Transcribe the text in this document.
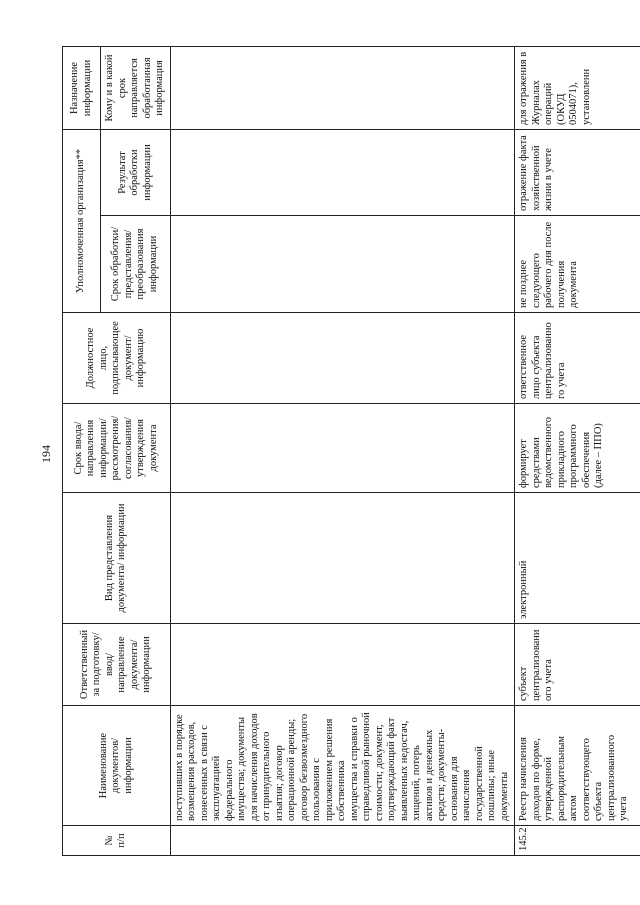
194
№ п/п	Наименование документов/информации	Ответственный за подготовку/ ввод/ направление документа/ информации	Вид представления документа/ информации	Срок ввода/ направления информации/ рассмотрения/ согласования/ утверждения документа	Должностное лицо, подписывающее документ/ информацию	Уполномоченная организация**		Назначение информации
						Срок обработки/ представления/ преобразования информации	Результат обработки информации	Кому и в какой срок направляется обработанная информация
	поступивших в порядке возмещения расходов, понесенных в связи с эксплуатацией федерального имущества; документы для начисления доходов от принудительного изъятия; договор операционной аренды; договор безвозмездного пользования с приложением решения собственника имущества и справки о справедливой рыночной стоимости; документ, подтверждающий факт выявленных недостач, хищений, потерь активов и денежных средств; документы-основания для начисления государственной пошлины; иные документы							
145.2	Реестр начисления доходов по форме, утвержденной распорядительным актом соответствующего субъекта централизованного учета	субъект централизовани ого учета	электронный	формирует средствами ведомственного прикладного программного обеспечения (далее – ППО)	ответственное лицо субъекта централизованно го учета	не позднее следующего рабочего дня после получения документа	отражение факта хозяйственной жизни в учете	для отражения в Журналах операций (ОКУД 0504071), установленн
